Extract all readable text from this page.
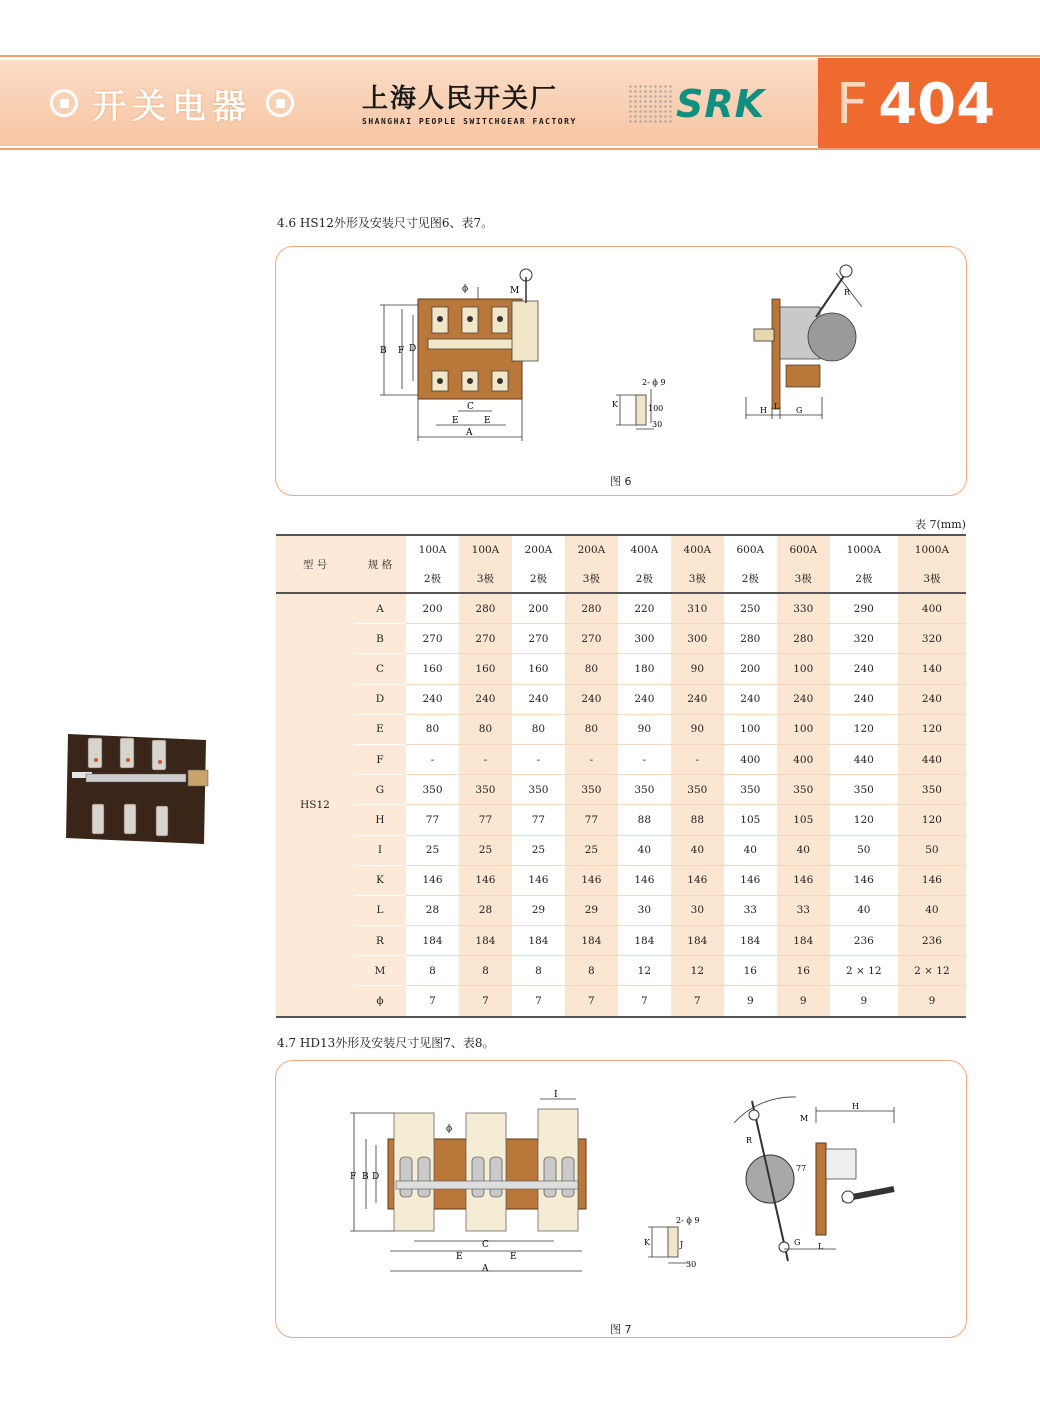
开关电器	上海人民开关厂
SHANGHAI PEOPLE SWITCHGEAR FACTORY	SRK F 404
4.6 HS12外形及安装尺寸见图6、表7。
ϕ	M
B F D
C
E	E
A
2- ϕ 9
K	100
30
R
H L G
图 6
表 7(mm)
型 号	规 格	100A	100A	200A	200A	400A	400A	600A	600A	1000A	1000A
		2极	3极	2极	3极	2极	3极	2极	3极	2极	3极
HS12	A	200	280	200	280	220	310	250	330	290	400
	B	270	270	270	270	300	300	280	280	320	320
	C	160	160	160	80	180	90	200	100	240	140
	D	240	240	240	240	240	240	240	240	240	240
	E	80	80	80	80	90	90	100	100	120	120
	F	-	-	-	-	-	-	400	400	440	440
	G	350	350	350	350	350	350	350	350	350	350
	H	77	77	77	77	88	88	105	105	120	120
	I	25	25	25	25	40	40	40	40	50	50
	K	146	146	146	146	146	146	146	146	146	146
	L	28	28	29	29	30	30	33	33	40	40
	R	184	184	184	184	184	184	184	184	236	236
	M	8	8	8	8	12	12	16	16	2 × 12	2 × 12
	ϕ	7	7	7	7	7	7	9	9	9	9
4.7 HD13外形及安装尺寸见图7、表8。
I
ϕ
F B D
C
E	E
A
2- ϕ 9
K	J
30
H
M
R
77
G L
图 7
